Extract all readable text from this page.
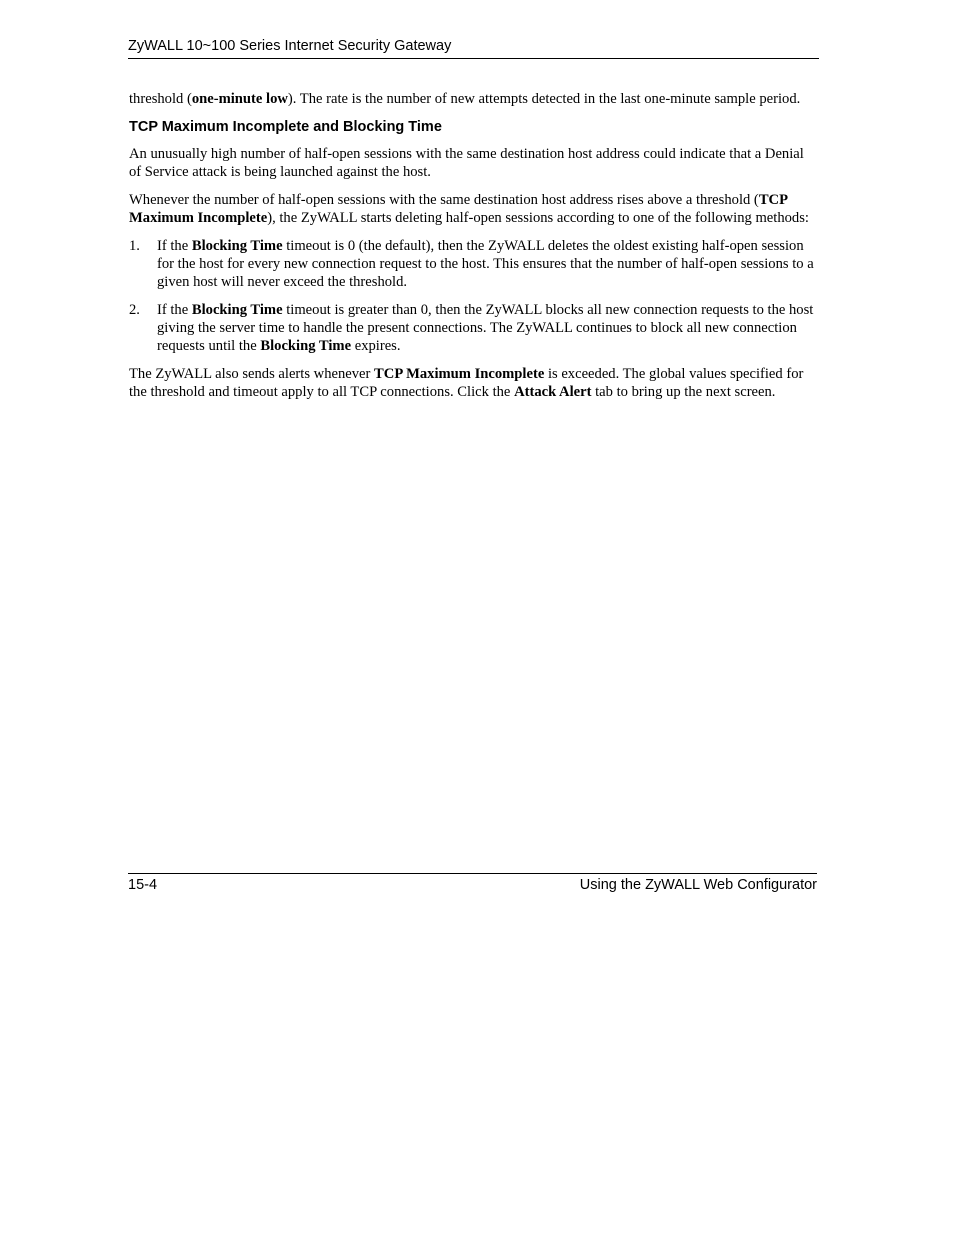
ZyWALL 10~100 Series Internet Security Gateway

threshold (one-minute low). The rate is the number of new attempts detected in the last one-minute sample period.

TCP Maximum Incomplete and Blocking Time

An unusually high number of half-open sessions with the same destination host address could indicate that a Denial of Service attack is being launched against the host.

Whenever the number of half-open sessions with the same destination host address rises above a threshold (TCP Maximum Incomplete), the ZyWALL starts deleting half-open sessions according to one of the following methods:

1. If the Blocking Time timeout is 0 (the default), then the ZyWALL deletes the oldest existing half-open session for the host for every new connection request to the host. This ensures that the number of half-open sessions to a given host will never exceed the threshold.
2. If the Blocking Time timeout is greater than 0, then the ZyWALL blocks all new connection requests to the host giving the server time to handle the present connections. The ZyWALL continues to block all new connection requests until the Blocking Time expires.

The ZyWALL also sends alerts whenever TCP Maximum Incomplete is exceeded. The global values specified for the threshold and timeout apply to all TCP connections. Click the Attack Alert tab to bring up the next screen.

15-4	Using the ZyWALL Web Configurator
